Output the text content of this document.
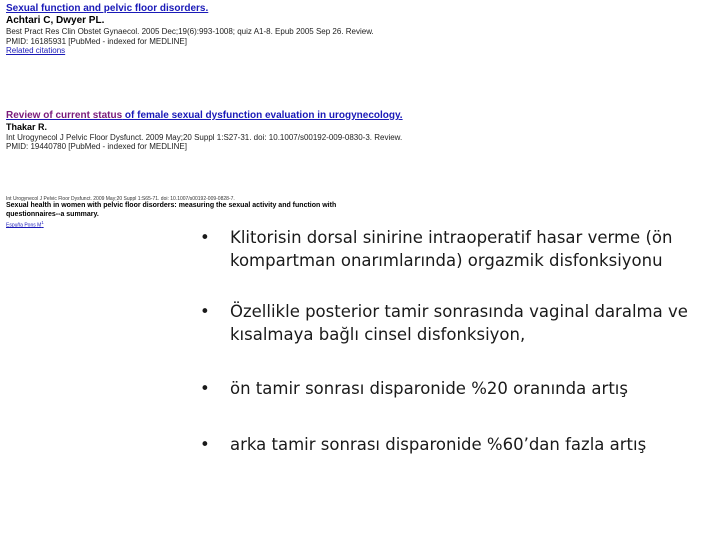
Sexual function and pelvic floor disorders.
Achtari C, Dwyer PL.
Best Pract Res Clin Obstet Gynaecol. 2005 Dec;19(6):993-1008; quiz A1-8. Epub 2005 Sep 26. Review.
PMID: 16185931 [PubMed - indexed for MEDLINE]
Related citations
Review of current status of female sexual dysfunction evaluation in urogynecology.
Thakar R.
Int Urogynecol J Pelvic Floor Dysfunct. 2009 May;20 Suppl 1:S27-31. doi: 10.1007/s00192-009-0830-3. Review.
PMID: 19440780 [PubMed - indexed for MEDLINE]
Int Urogynecol J Pelvic Floor Dysfunct. 2009 May;20 Suppl 1:S65-71. doi: 10.1007/s00192-009-0828-7.
Sexual health in women with pelvic floor disorders: measuring the sexual activity and function with questionnaires--a summary.
Espuña Pons $M^1$
• Klitorisin dorsal sinirine intraoperatif hasar verme (ön kompartman onarımlarında) orgazmik disfonksiyonu
• Özellikle posterior tamir sonrasında vaginal daralma ve kısalmaya bağlı cinsel disfonksiyon,
• ön tamir sonrası disparonide %20 oranında artış
• arka tamir sonrası disparonide %60’dan fazla artış
